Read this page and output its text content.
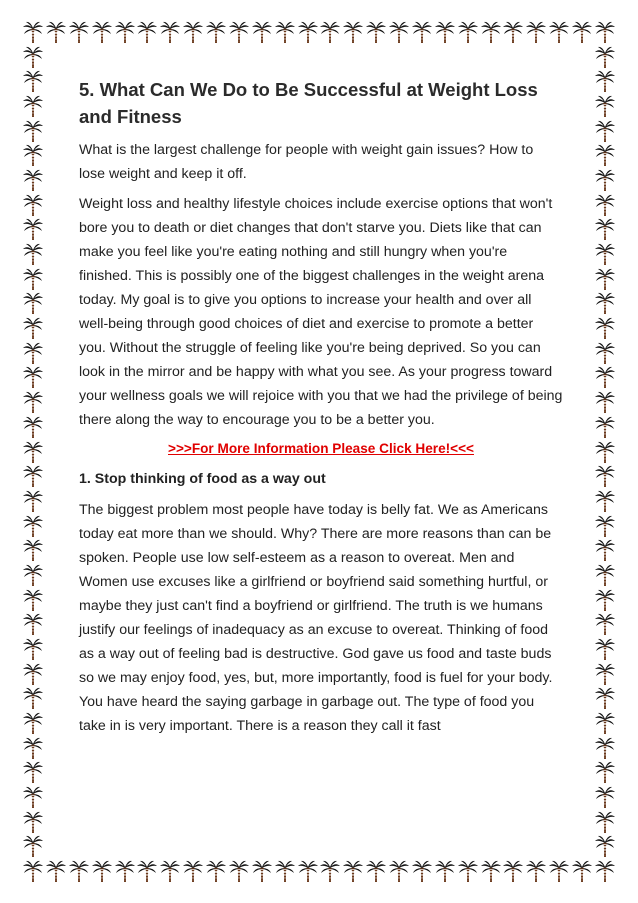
5. What Can We Do to Be Successful at Weight Loss and Fitness

What is the largest challenge for people with weight gain issues? How to lose weight and keep it off.

Weight loss and healthy lifestyle choices include exercise options that won't bore you to death or diet changes that don't starve you. Diets like that can make you feel like you're eating nothing and still hungry when you're finished. This is possibly one of the biggest challenges in the weight arena today. My goal is to give you options to increase your health and over all well-being through good choices of diet and exercise to promote a better you. Without the struggle of feeling like you're being deprived. So you can look in the mirror and be happy with what you see. As your progress toward your wellness goals we will rejoice with you that we had the privilege of being there along the way to encourage you to be a better you.

>>>For More Information Please Click Here!<<<
1. Stop thinking of food as a way out

The biggest problem most people have today is belly fat. We as Americans today eat more than we should. Why? There are more reasons than can be spoken. People use low self-esteem as a reason to overeat. Men and Women use excuses like a girlfriend or boyfriend said something hurtful, or maybe they just can't find a boyfriend or girlfriend. The truth is we humans justify our feelings of inadequacy as an excuse to overeat. Thinking of food as a way out of feeling bad is destructive. God gave us food and taste buds so we may enjoy food, yes, but, more importantly, food is fuel for your body. You have heard the saying garbage in garbage out. The type of food you take in is very important. There is a reason they call it fast
